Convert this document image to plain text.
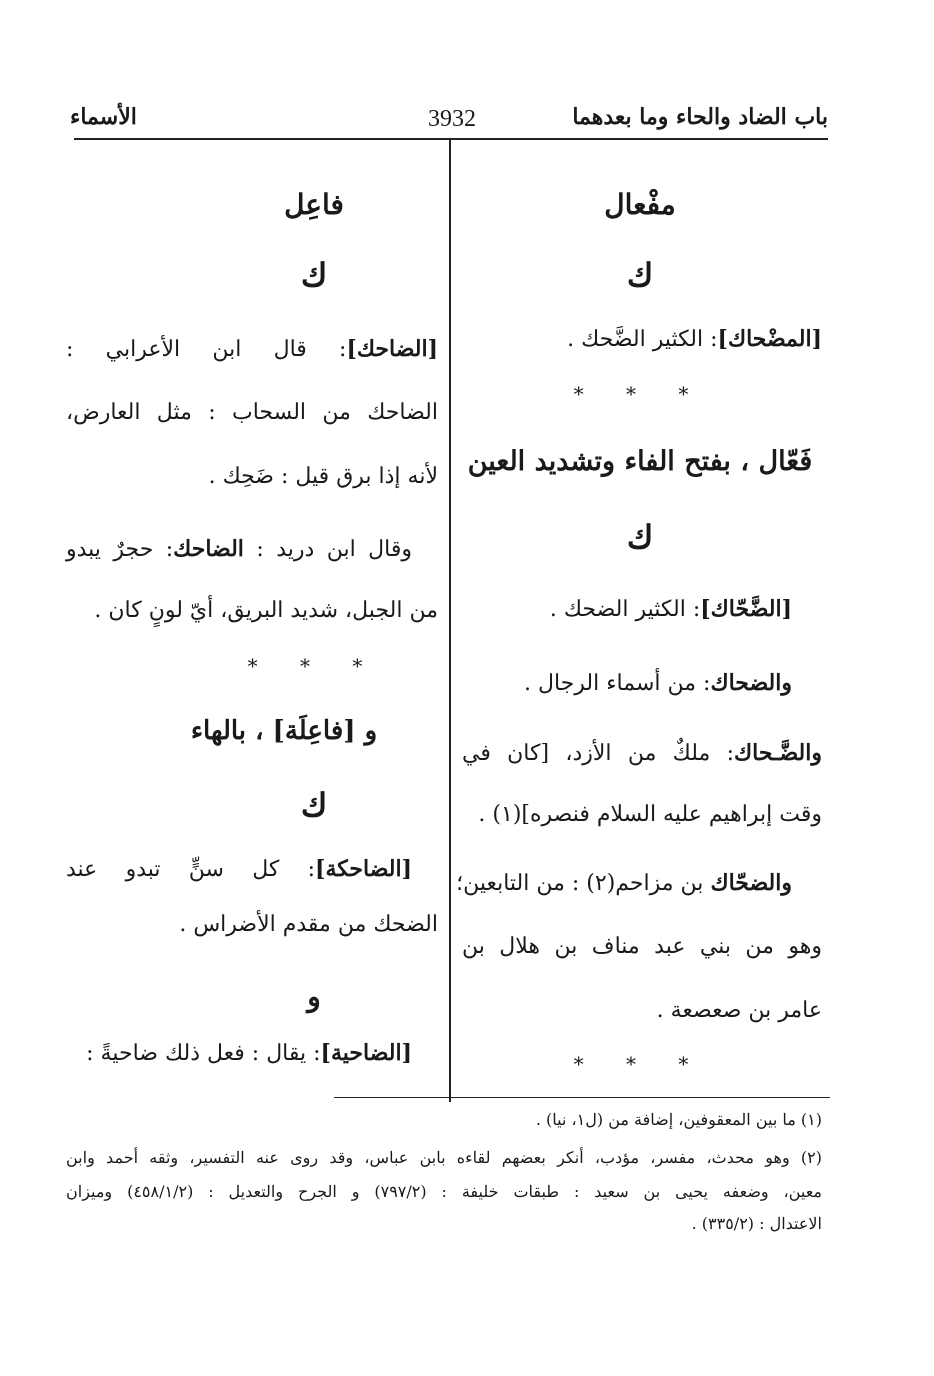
باب الضاد والحاء وما بعدهما
3932
الأسماء
مفْعال
ك
[المضْحاك]: الكثير الضَّحك .
* * *
فَعّال ، بفتح الفاء وتشديد العين
ك
[الضَّحّاك]: الكثير الضحك .
والضحاك: من أسماء الرجال .
والضَّـحاك: ملكٌ من الأزد، [كان في
وقت إبراهيم عليه السلام فنصره](١) .
والضحّاك بن مزاحم(٢) : من التابعين؛
وهو من بني عبد مناف بن هلال بن
عامر بن صعصعة .
* * *
فاعِل
ك
[الضاحك]: قال ابن الأعرابي :
الضاحك من السحاب : مثل العارض،
لأنه إذا برق قيل : ضَحِك .
وقال ابن دريد : الضاحك: حجرٌ يبدو
من الجبل، شديد البريق، أيّ لونٍ كان .
* * *
و [فاعِلَة] ، بالهاء
ك
[الضاحكة]: كل سنٍّ تبدو عند
الضحك من مقدم الأضراس .
و
[الضاحية]: يقال : فعل ذلك ضاحيةً :
(١) ما بين المعقوفين، إضافة من (ل١، نيا) .
(٢) وهو محدث، مفسر، مؤدب، أنكر بعضهم لقاءه بابن عباس، وقد روى عنه التفسير، وثقه أحمد وابن
معين، وضعفه يحيى بن سعيد : طبقات خليفة : (٧٩٧/٢) و الجرح والتعديل : (٤٥٨/١/٢) وميزان
الاعتدال : (٣٣٥/٢) .
